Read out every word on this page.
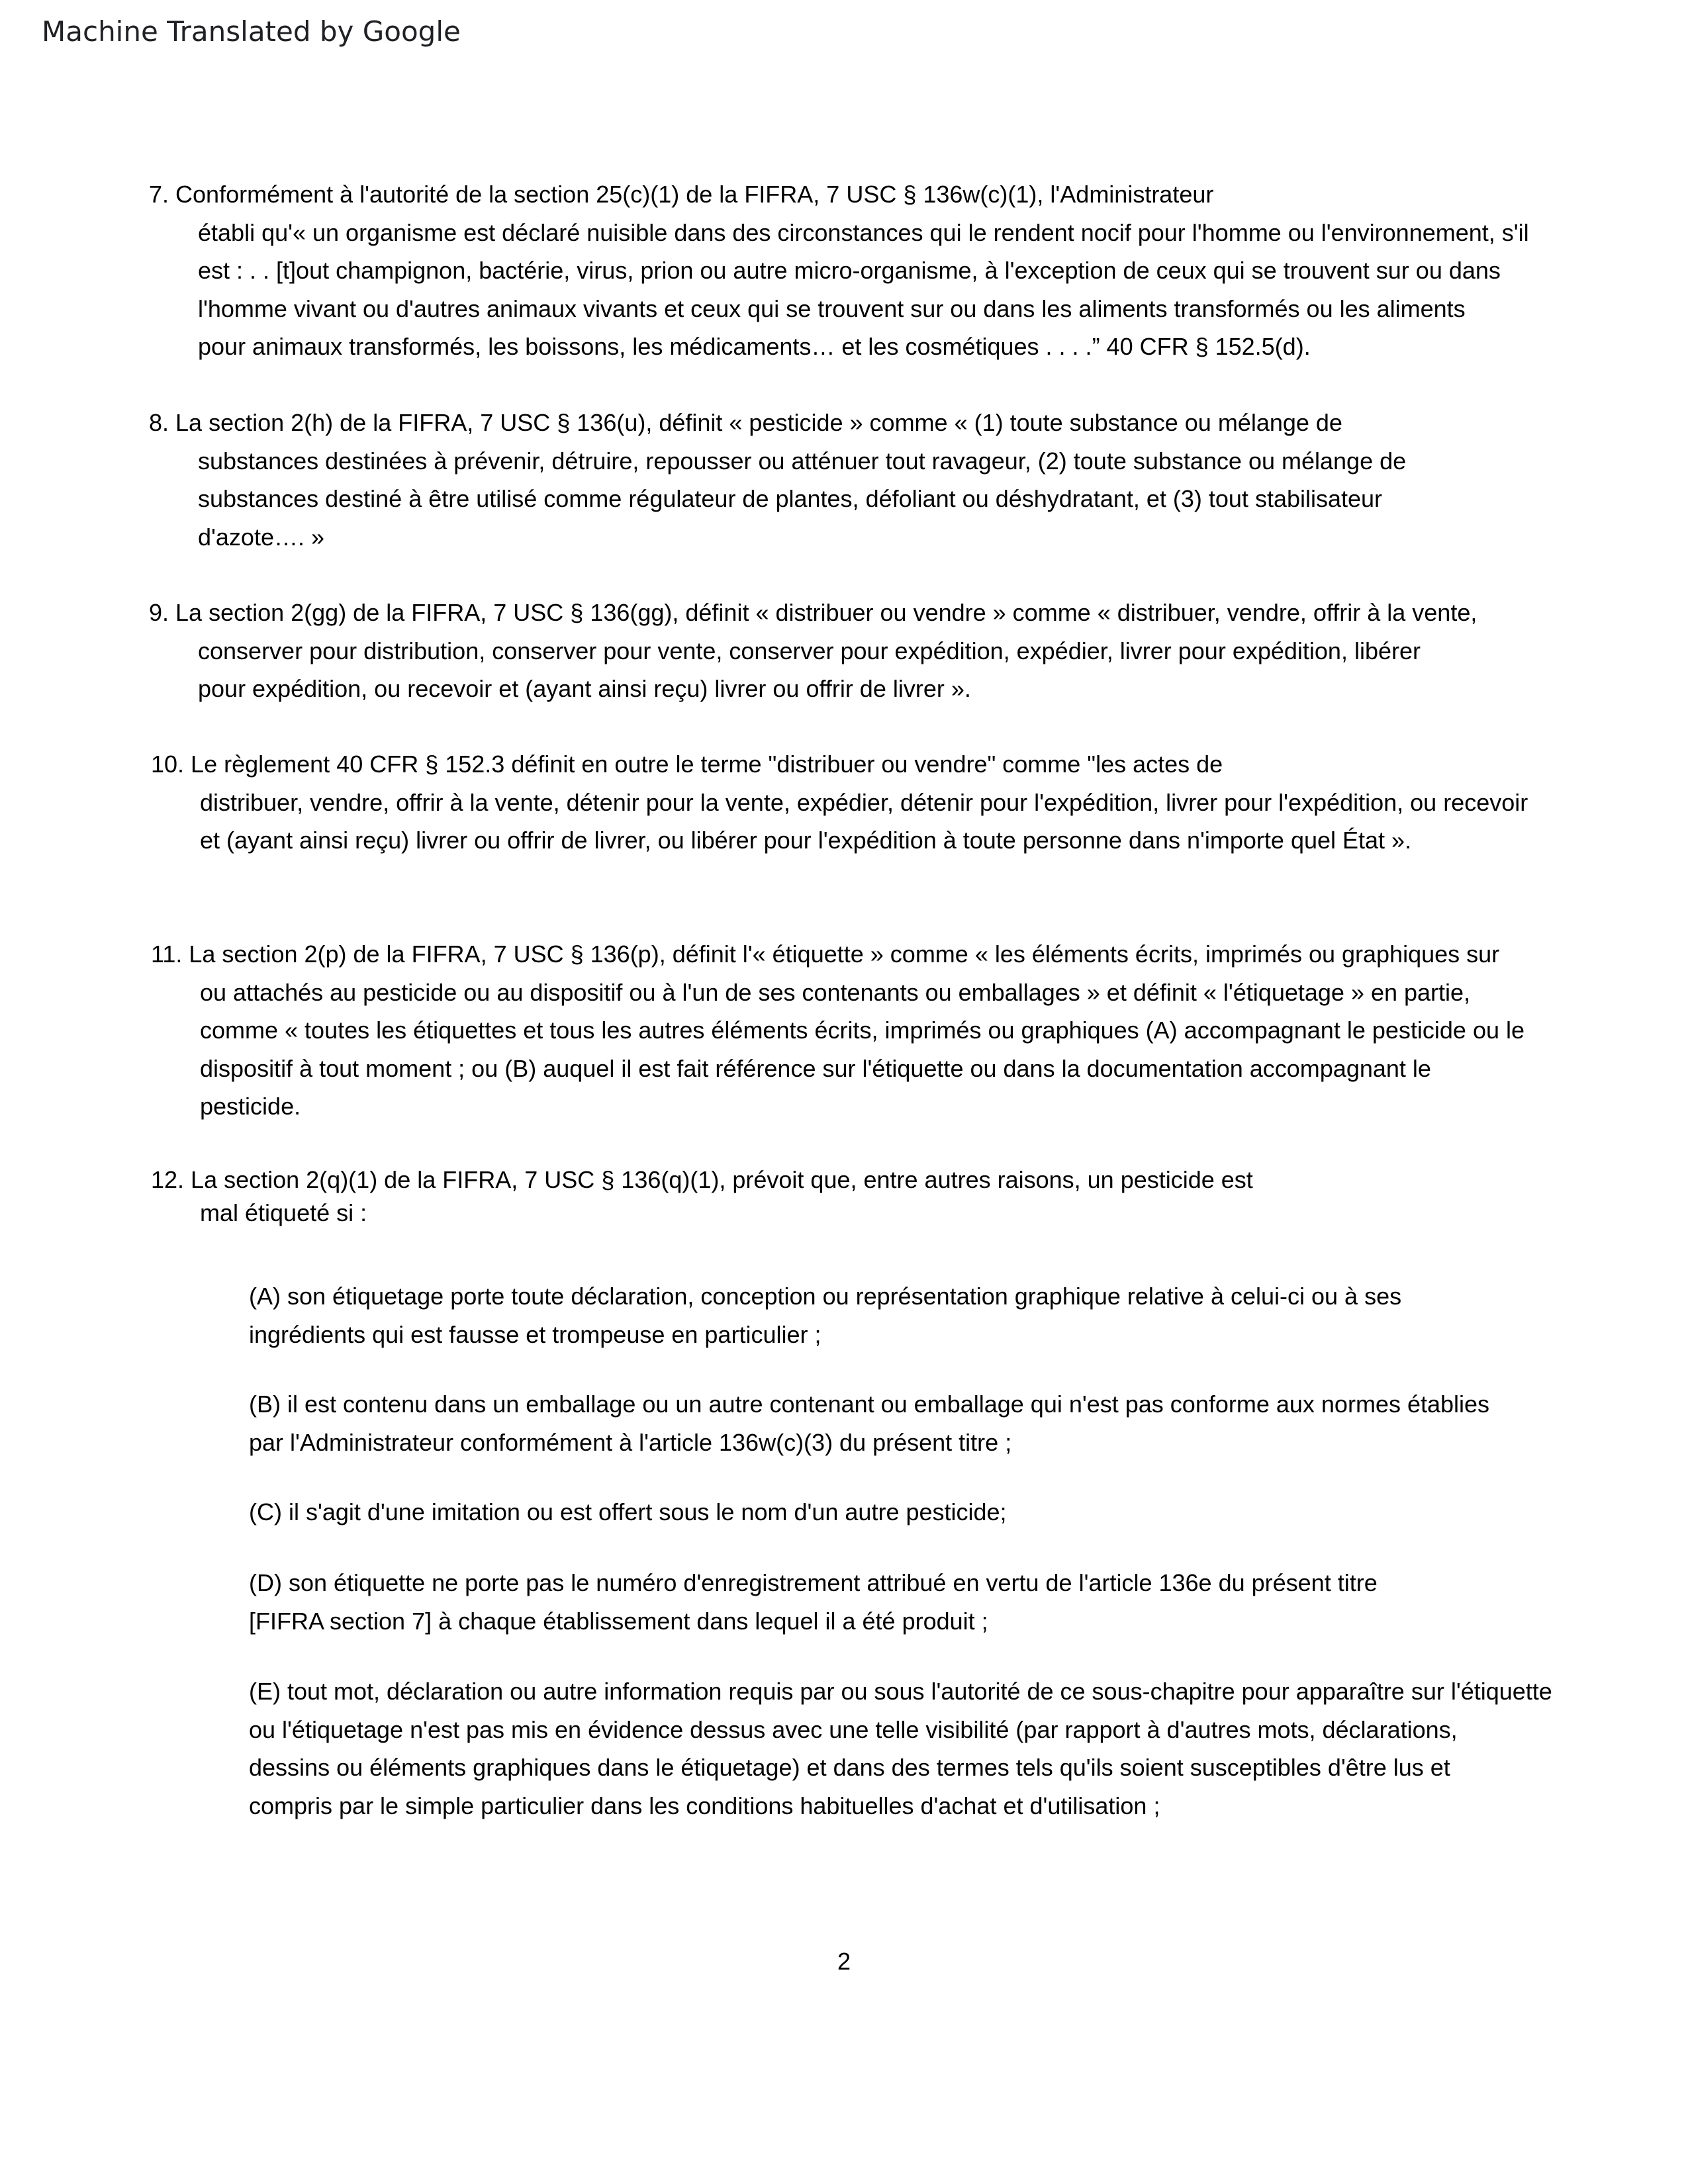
Machine Translated by Google

7. Conformément à l'autorité de la section 25(c)(1) de la FIFRA, 7 USC § 136w(c)(1), l'Administrateur
établi qu'« un organisme est déclaré nuisible dans des circonstances qui le rendent nocif pour l'homme ou l'environnement, s'il
est : . . [t]out champignon, bactérie, virus, prion ou autre micro-organisme, à l'exception de ceux qui se trouvent sur ou dans
l'homme vivant ou d'autres animaux vivants et ceux qui se trouvent sur ou dans les aliments transformés ou les aliments
pour animaux transformés, les boissons, les médicaments… et les cosmétiques . . . .” 40 CFR § 152.5(d).

8. La section 2(h) de la FIFRA, 7 USC § 136(u), définit « pesticide » comme « (1) toute substance ou mélange de
substances destinées à prévenir, détruire, repousser ou atténuer tout ravageur, (2) toute substance ou mélange de
substances destiné à être utilisé comme régulateur de plantes, défoliant ou déshydratant, et (3) tout stabilisateur
d'azote…. »

9. La section 2(gg) de la FIFRA, 7 USC § 136(gg), définit « distribuer ou vendre » comme « distribuer, vendre, offrir à la vente,
conserver pour distribution, conserver pour vente, conserver pour expédition, expédier, livrer pour expédition, libérer
pour expédition, ou recevoir et (ayant ainsi reçu) livrer ou offrir de livrer ».

10. Le règlement 40 CFR § 152.3 définit en outre le terme "distribuer ou vendre" comme "les actes de
distribuer, vendre, offrir à la vente, détenir pour la vente, expédier, détenir pour l'expédition, livrer pour l'expédition, ou recevoir
et (ayant ainsi reçu) livrer ou offrir de livrer, ou libérer pour l'expédition à toute personne dans n'importe quel État ».

11. La section 2(p) de la FIFRA, 7 USC § 136(p), définit l'« étiquette » comme « les éléments écrits, imprimés ou graphiques sur
ou attachés au pesticide ou au dispositif ou à l'un de ses contenants ou emballages » et définit « l'étiquetage » en partie,
comme « toutes les étiquettes et tous les autres éléments écrits, imprimés ou graphiques (A) accompagnant le pesticide ou le
dispositif à tout moment ; ou (B) auquel il est fait référence sur l'étiquette ou dans la documentation accompagnant le
pesticide.

12. La section 2(q)(1) de la FIFRA, 7 USC § 136(q)(1), prévoit que, entre autres raisons, un pesticide est
mal étiqueté si :

(A) son étiquetage porte toute déclaration, conception ou représentation graphique relative à celui-ci ou à ses
ingrédients qui est fausse et trompeuse en particulier ;

(B) il est contenu dans un emballage ou un autre contenant ou emballage qui n'est pas conforme aux normes établies
par l'Administrateur conformément à l'article 136w(c)(3) du présent titre ;

(C) il s'agit d'une imitation ou est offert sous le nom d'un autre pesticide;

(D) son étiquette ne porte pas le numéro d'enregistrement attribué en vertu de l'article 136e du présent titre
[FIFRA section 7] à chaque établissement dans lequel il a été produit ;

(E) tout mot, déclaration ou autre information requis par ou sous l'autorité de ce sous-chapitre pour apparaître sur l'étiquette
ou l'étiquetage n'est pas mis en évidence dessus avec une telle visibilité (par rapport à d'autres mots, déclarations,
dessins ou éléments graphiques dans le étiquetage) et dans des termes tels qu'ils soient susceptibles d'être lus et
compris par le simple particulier dans les conditions habituelles d'achat et d'utilisation ;

2
